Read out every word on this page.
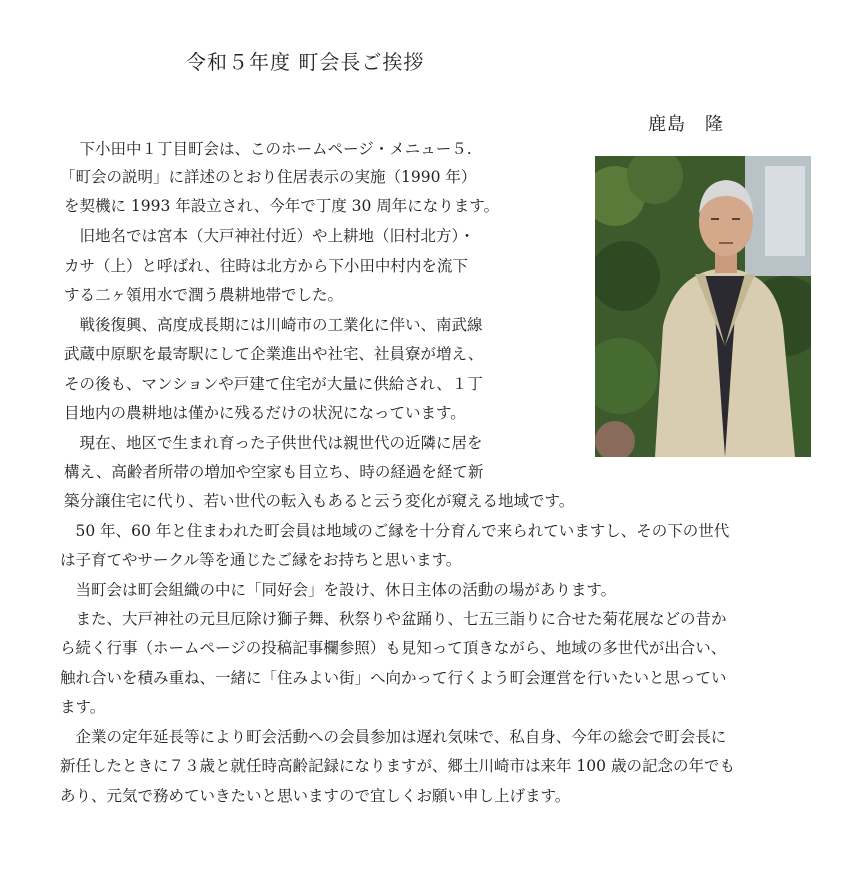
令和５年度 町会長ご挨拶
鹿島　隆
　下小田中１丁目町会は、このホームページ・メニュー５.
「町会の説明」に詳述のとおり住居表示の実施（1990 年）
を契機に 1993 年設立され、今年で丁度 30 周年になります。
　旧地名では宮本（大戸神社付近）や上耕地（旧村北方）・
カサ（上）と呼ばれ、往時は北方から下小田中村内を流下
する二ヶ領用水で潤う農耕地帯でした。
　戦後復興、高度成長期には川崎市の工業化に伴い、南武線
武蔵中原駅を最寄駅にして企業進出や社宅、社員寮が増え、
その後も、マンションや戸建て住宅が大量に供給され、１丁
目地内の農耕地は僅かに残るだけの状況になっています。
　現在、地区で生まれ育った子供世代は親世代の近隣に居を
構え、高齢者所帯の増加や空家も目立ち、時の経過を経て新
築分譲住宅に代り、若い世代の転入もあると云う変化が窺える地域です。
　50 年、60 年と住まわれた町会員は地域のご縁を十分育んで来られていますし、その下の世代
は子育てやサークル等を通じたご縁をお持ちと思います。
　当町会は町会組織の中に「同好会」を設け、休日主体の活動の場があります。
　また、大戸神社の元旦厄除け獅子舞、秋祭りや盆踊り、七五三詣りに合せた菊花展などの昔か
ら続く行事（ホームページの投稿記事欄参照）も見知って頂きながら、地域の多世代が出合い、
触れ合いを積み重ね、一緒に「住みよい街」へ向かって行くよう町会運営を行いたいと思ってい
ます。
　企業の定年延長等により町会活動への会員参加は遅れ気味で、私自身、今年の総会で町会長に
新任したときに７３歳と就任時高齢記録になりますが、郷土川崎市は来年 100 歳の記念の年でも
あり、元気で務めていきたいと思いますので宜しくお願い申し上げます。
